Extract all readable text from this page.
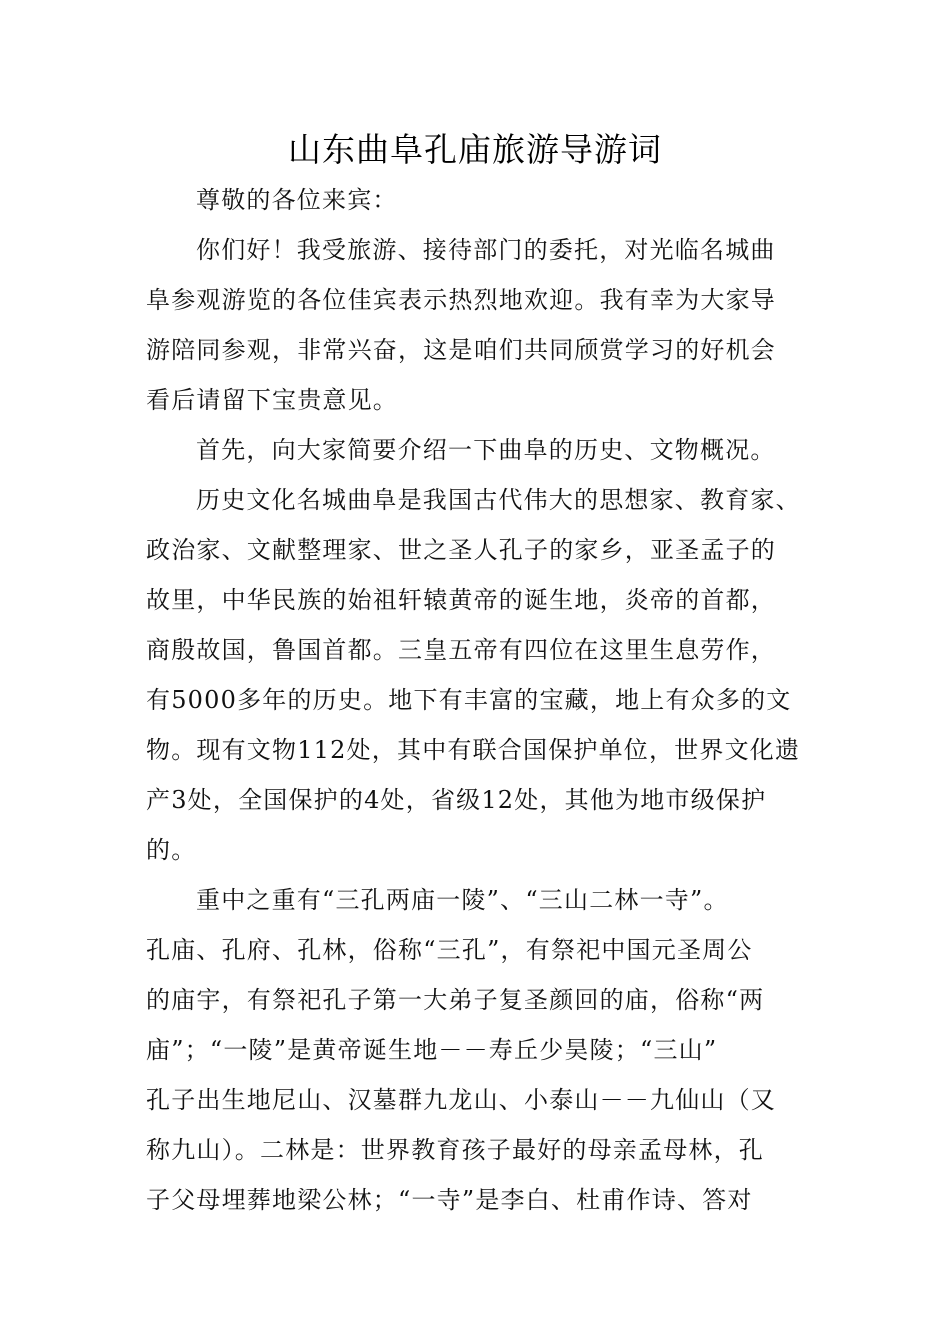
山东曲阜孔庙旅游导游词
尊敬的各位来宾：
你们好！我受旅游、接待部门的委托，对光临名城曲
阜参观游览的各位佳宾表示热烈地欢迎。我有幸为大家导
游陪同参观，非常兴奋，这是咱们共同颀赏学习的好机会
看后请留下宝贵意见。
首先，向大家简要介绍一下曲阜的历史、文物概况。
历史文化名城曲阜是我国古代伟大的思想家、教育家、
政治家、文献整理家、世之圣人孔子的家乡，亚圣孟子的
故里，中华民族的始祖轩辕黄帝的诞生地，炎帝的首都，
商殷故国，鲁国首都。三皇五帝有四位在这里生息劳作，
有5000多年的历史。地下有丰富的宝藏，地上有众多的文
物。现有文物112处，其中有联合国保护单位，世界文化遗
产3处，全国保护的4处，省级12处，其他为地市级保护
的。
重中之重有“三孔两庙一陵”、“三山二林一寺”。
孔庙、孔府、孔林，俗称“三孔”，有祭祀中国元圣周公
的庙宇，有祭祀孔子第一大弟子复圣颜回的庙，俗称“两
庙”；“一陵”是黄帝诞生地－－寿丘少昊陵；“三山”
孔子出生地尼山、汉墓群九龙山、小泰山－－九仙山（又
称九山）。二林是：世界教育孩子最好的母亲孟母林，孔
子父母埋葬地梁公林；“一寺”是李白、杜甫作诗、答对
